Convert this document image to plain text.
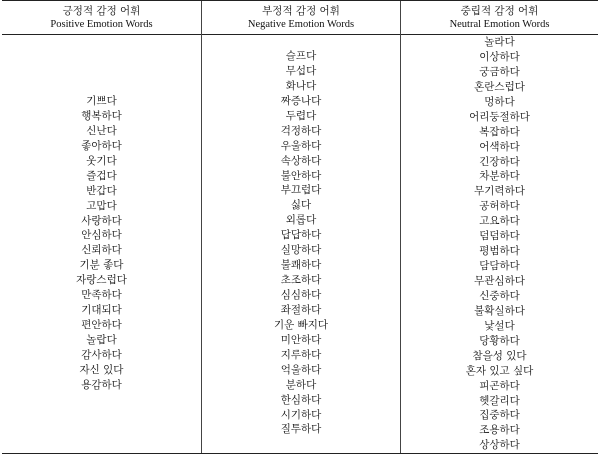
긍정적 감정 어휘
Positive Emotion Words
기쁘다
행복하다
신난다
좋아하다
웃기다
즐겁다
반갑다
고맙다
사랑하다
안심하다
신뢰하다
기분 좋다
자랑스럽다
만족하다
기대되다
편안하다
놀랍다
감사하다
자신 있다
용감하다
부정적 감정 어휘
Negative Emotion Words
슬프다
무섭다
화나다
짜증나다
두렵다
걱정하다
우울하다
속상하다
불안하다
부끄럽다
싫다
외롭다
답답하다
실망하다
불쾌하다
초조하다
심심하다
좌절하다
기운 빠지다
미안하다
지루하다
억울하다
분하다
한심하다
시기하다
질투하다
중립적 감정 어휘
Neutral Emotion Words
놀라다
이상하다
궁금하다
혼란스럽다
멍하다
어리둥절하다
복잡하다
어색하다
긴장하다
차분하다
무기력하다
공허하다
고요하다
덤덤하다
평범하다
담담하다
무관심하다
신중하다
불확실하다
낯설다
당황하다
참을성 있다
혼자 있고 싶다
피곤하다
헷갈리다
집중하다
조용하다
상상하다
